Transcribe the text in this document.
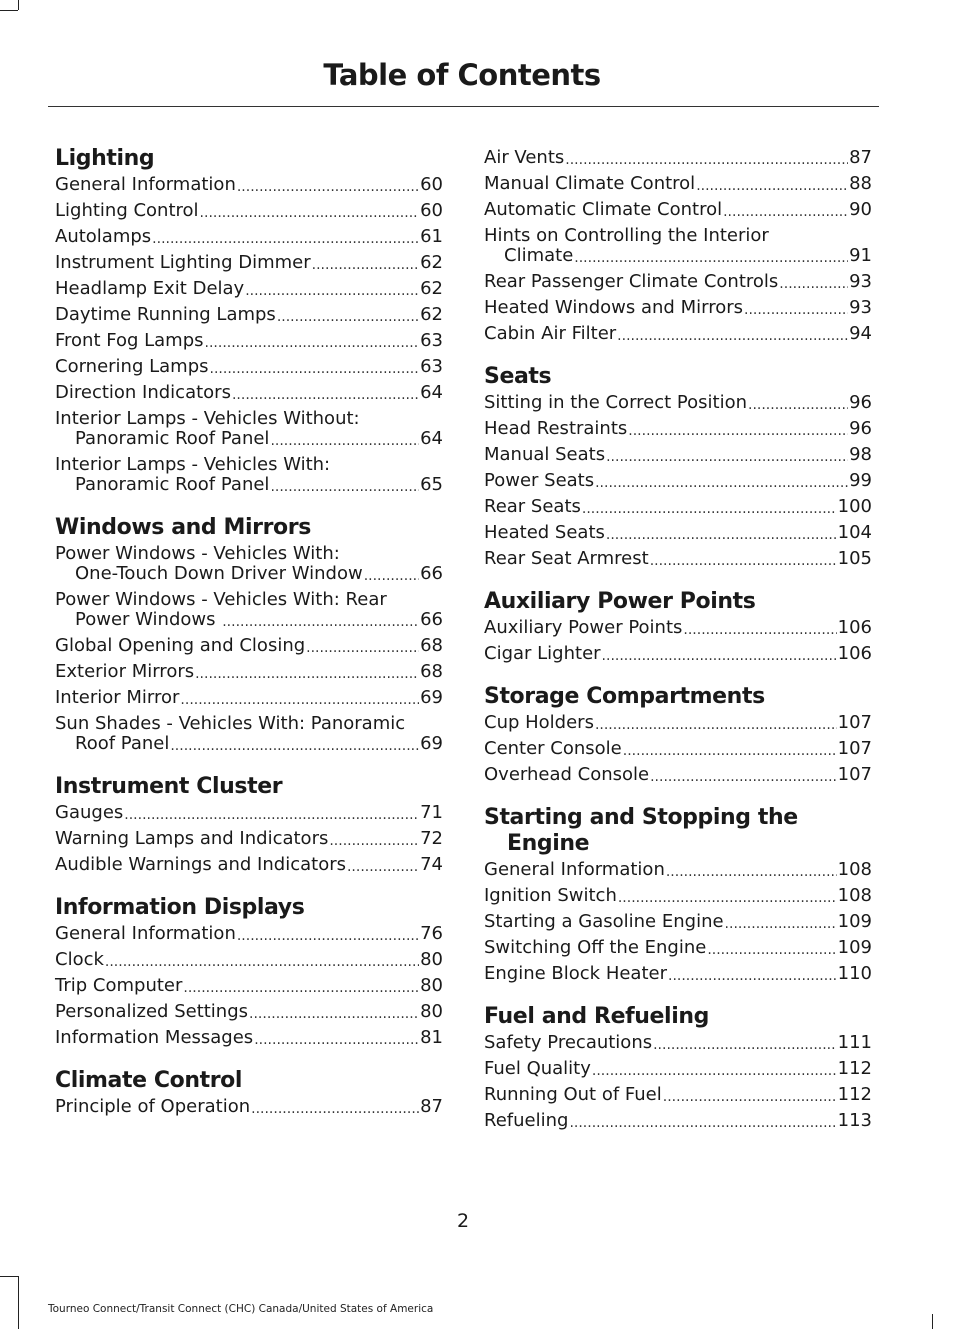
Table of Contents
Lighting
General Information .....	60
Lighting Control .....	60
Autolamps .....	61
Instrument Lighting Dimmer .....	62
Headlamp Exit Delay .....	62
Daytime Running Lamps .....	62
Front Fog Lamps .....	63
Cornering Lamps .....	63
Direction Indicators .....	64
Interior Lamps - Vehicles Without:
Panoramic Roof Panel .....	64
Interior Lamps - Vehicles With:
Panoramic Roof Panel .....	65
Windows and Mirrors
Power Windows - Vehicles With:
One-Touch Down Driver Window .....	66
Power Windows - Vehicles With: Rear
Power Windows .....	66
Global Opening and Closing .....	68
Exterior Mirrors .....	68
Interior Mirror .....	69
Sun Shades - Vehicles With: Panoramic
Roof Panel .....	69
Instrument Cluster
Gauges .....	71
Warning Lamps and Indicators .....	72
Audible Warnings and Indicators .....	74
Information Displays
General Information .....	76
Clock .....	80
Trip Computer .....	80
Personalized Settings .....	80
Information Messages .....	81
Climate Control
Principle of Operation .....	87
Air Vents .....	87
Manual Climate Control .....	88
Automatic Climate Control .....	90
Hints on Controlling the Interior
Climate .....	91
Rear Passenger Climate Controls .....	93
Heated Windows and Mirrors .....	93
Cabin Air Filter .....	94
Seats
Sitting in the Correct Position .....	96
Head Restraints .....	96
Manual Seats .....	98
Power Seats .....	99
Rear Seats .....	100
Heated Seats .....	104
Rear Seat Armrest .....	105
Auxiliary Power Points
Auxiliary Power Points .....	106
Cigar Lighter .....	106
Storage Compartments
Cup Holders .....	107
Center Console .....	107
Overhead Console .....	107
Starting and Stopping the
Engine
General Information .....	108
Ignition Switch .....	108
Starting a Gasoline Engine .....	109
Switching Off the Engine .....	109
Engine Block Heater .....	110
Fuel and Refueling
Safety Precautions .....	111
Fuel Quality .....	112
Running Out of Fuel .....	112
Refueling .....	113
2
Tourneo Connect/Transit Connect (CHC) Canada/United States of America
